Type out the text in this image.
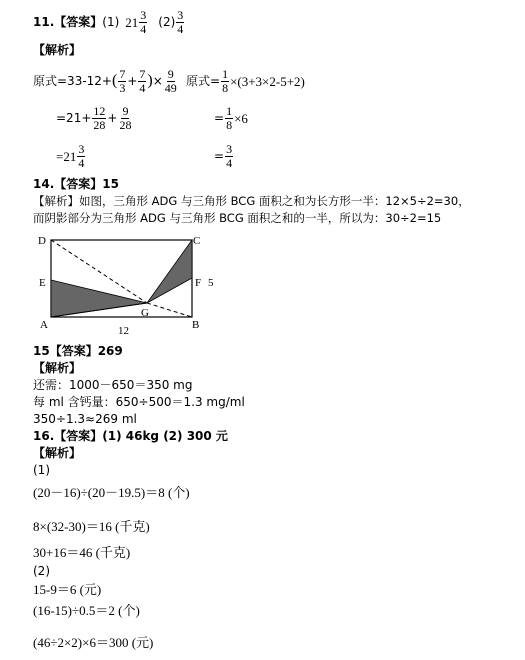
11. 【答案】 (1) $21 \frac{3}{4} (2) \frac{3}{4}$
【解析】
原式=33-12+ ( $\frac{7}{3} + \frac{7}{4}$ ) × $\frac{9}{49}$
$=21+ \frac{12}{28} + \frac{9}{28}$
$=21 \frac{3}{4}$
原式= $\frac{1}{8} \times(3+3\times 2-5+2)$
= $\frac{1}{8} \times 6$
= $\frac{3}{4}$
14.【答案】15
【解析】如图，三角形 ADG 与三角形 BCG 面积之和为长方形一半：12×5÷2=30，
而阴影部分为三角形 ADG 与三角形 BCG 面积之和的一半，所以为：30÷2=15
D	C
E	F 5
A	B
G
12
15【答案】269
【解析】
还需：1000－650＝350 mg
每 ml 含钙量：650÷500＝1.3 mg/ml
350÷1.3≈269 ml
16.【答案】(1) 46kg (2) 300 元
【解析】
(1)
(20－16)÷(20－19.5)＝8 (个)
8×(32-30)＝16 (千克)
30+16＝46 (千克)
(2)
15-9＝6 (元)
(16-15)÷0.5＝2 (个)
(46÷2×2)×6＝300 (元)
